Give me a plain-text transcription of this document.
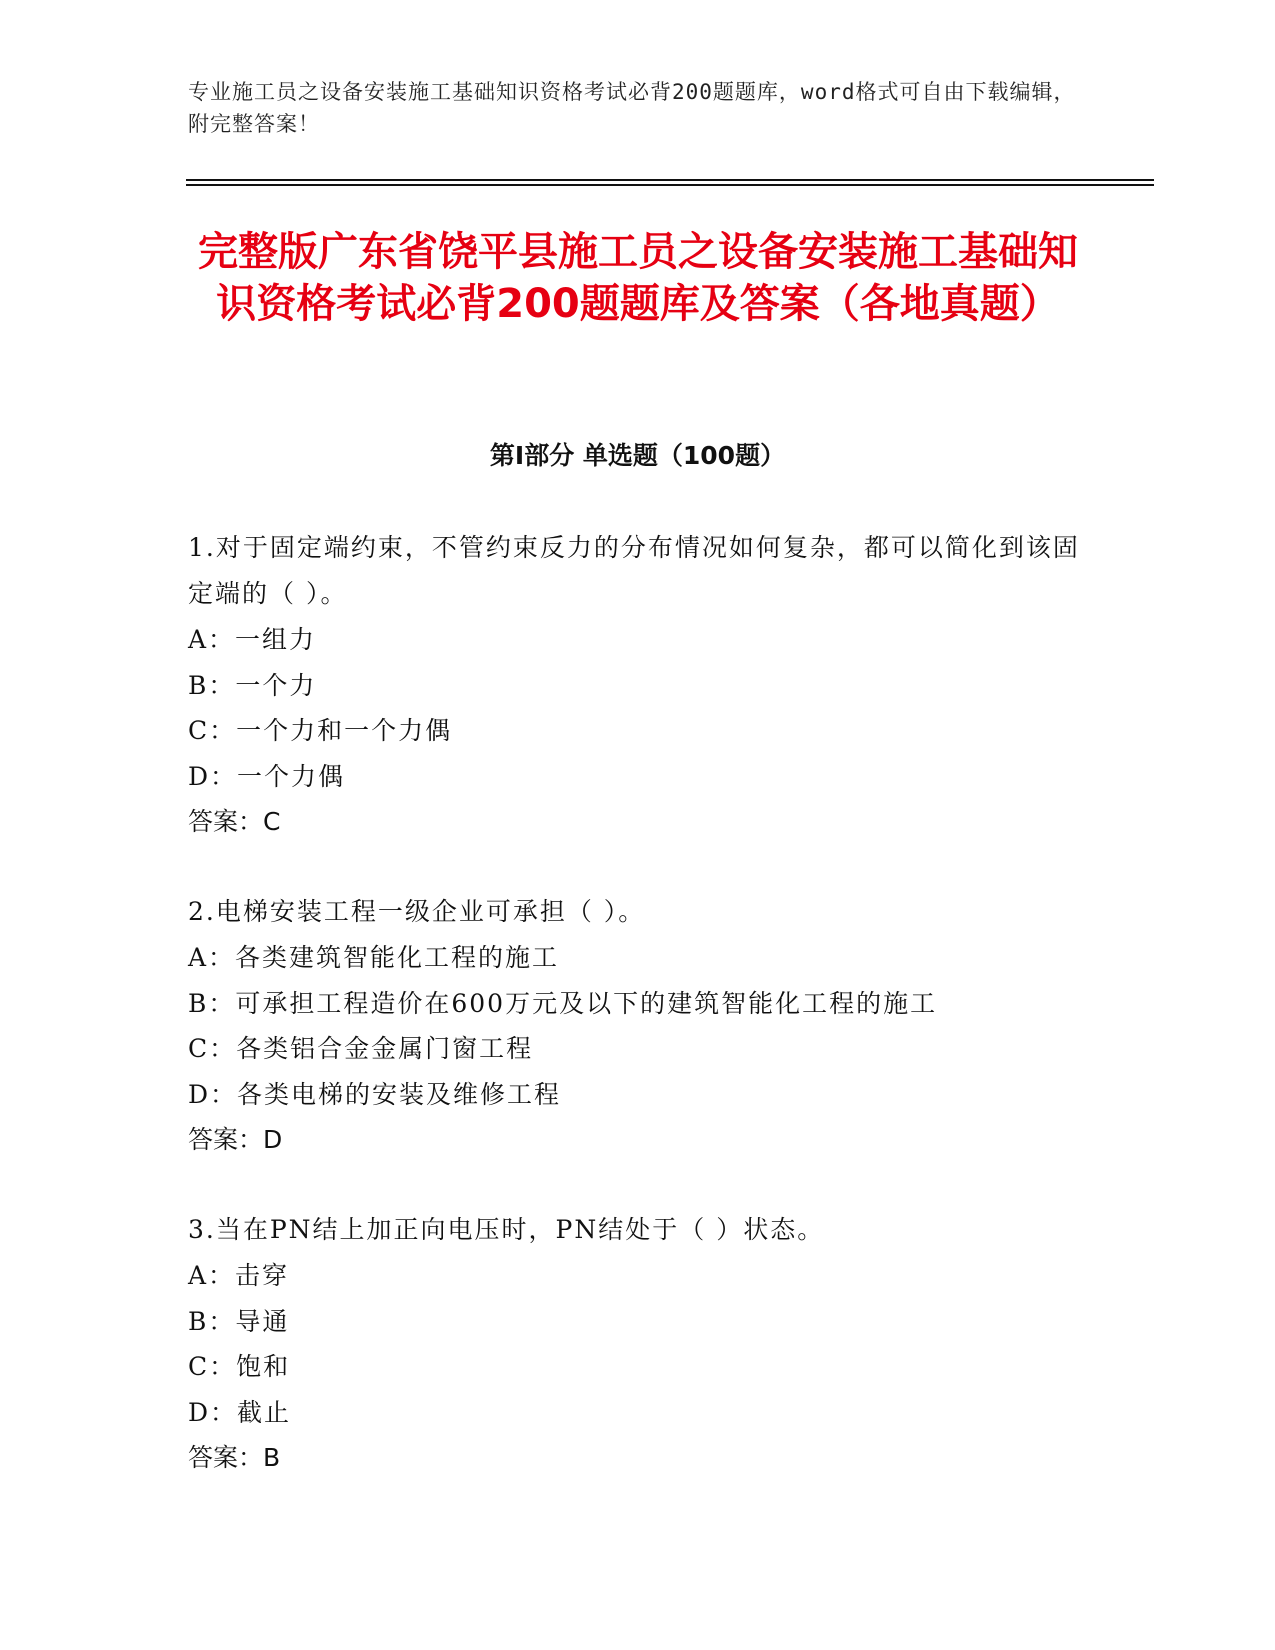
专业施工员之设备安装施工基础知识资格考试必背200题题库，word格式可自由下载编辑，附完整答案！
完整版广东省饶平县施工员之设备安装施工基础知识资格考试必背200题题库及答案（各地真题）
第I部分 单选题（100题）

1.对于固定端约束，不管约束反力的分布情况如何复杂，都可以简化到该固定端的（ ）。

A：一组力

B：一个力

C：一个力和一个力偶

D：一个力偶

答案：C

2.电梯安装工程一级企业可承担（ ）。

A：各类建筑智能化工程的施工

B：可承担工程造价在600万元及以下的建筑智能化工程的施工

C：各类铝合金金属门窗工程

D：各类电梯的安装及维修工程

答案：D

3.当在PN结上加正向电压时，PN结处于（ ）状态。

A：击穿

B：导通

C：饱和

D：截止

答案：B
